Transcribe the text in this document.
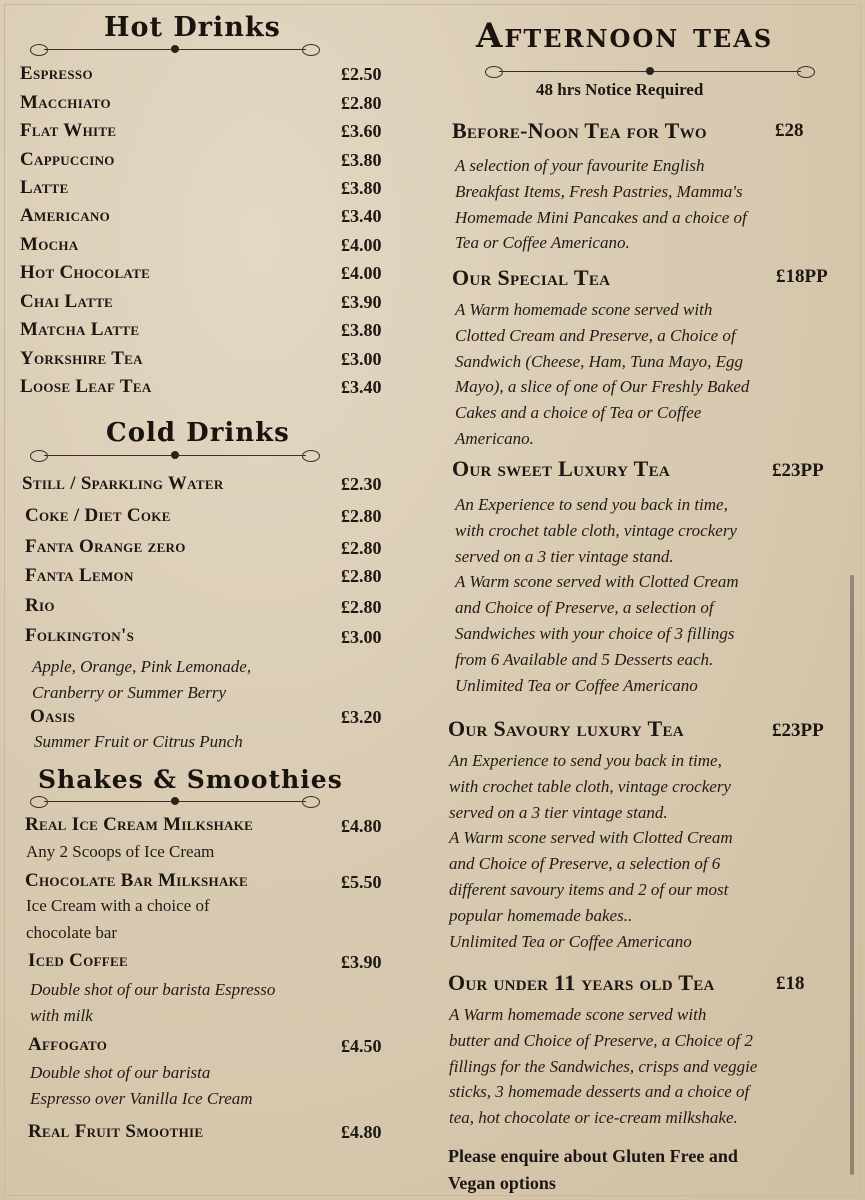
Hot Drinks
Espresso	£2.50
Macchiato	£2.80
Flat White	£3.60
Cappuccino	£3.80
Latte	£3.80
Americano	£3.40
Mocha	£4.00
Hot Chocolate	£4.00
Chai Latte	£3.90
Matcha Latte	£3.80
Yorkshire Tea	£3.00
Loose Leaf Tea	£3.40
Cold Drinks
Still / Sparkling Water	£2.30
Coke / Diet Coke	£2.80
Fanta Orange zero	£2.80
Fanta Lemon	£2.80
Rio	£2.80
Folkington's	£3.00
Apple, Orange, Pink Lemonade,
Cranberry or Summer Berry
Oasis	£3.20
Summer Fruit or Citrus Punch
Shakes & Smoothies
Real Ice Cream Milkshake	£4.80
Any 2 Scoops of Ice Cream
Chocolate Bar Milkshake	£5.50
Ice Cream with a choice of
chocolate bar
Iced Coffee	£3.90
Double shot of our barista Espresso
with milk
Affogato	£4.50
Double shot of our barista
Espresso over Vanilla Ice Cream
Real Fruit Smoothie	£4.80
Afternoon teas
48 hrs Notice Required
Before-Noon Tea for Two	£28
A selection of your favourite English
Breakfast Items, Fresh Pastries, Mamma's
Homemade Mini Pancakes and a choice of
Tea or Coffee Americano.
Our Special Tea	£18PP
A Warm homemade scone served with
Clotted Cream and Preserve, a Choice of
Sandwich (Cheese, Ham, Tuna Mayo, Egg
Mayo), a slice of one of Our Freshly Baked
Cakes and a choice of Tea or Coffee
Americano.
Our sweet Luxury Tea	£23PP
An Experience to send you back in time,
with crochet table cloth, vintage crockery
served on a 3 tier vintage stand.
A Warm scone served with Clotted Cream
and Choice of Preserve, a selection of
Sandwiches with your choice of 3 fillings
from 6 Available and 5 Desserts each.
Unlimited Tea or Coffee Americano
Our Savoury luxury Tea	£23PP
An Experience to send you back in time,
with crochet table cloth, vintage crockery
served on a 3 tier vintage stand.
A Warm scone served with Clotted Cream
and Choice of Preserve, a selection of 6
different savoury items and 2 of our most
popular homemade bakes..
Unlimited Tea or Coffee Americano
Our under 11 years old Tea	£18
A Warm homemade scone served with
butter and Choice of Preserve, a Choice of 2
fillings for the Sandwiches, crisps and veggie
sticks, 3 homemade desserts and a choice of
tea, hot chocolate or ice-cream milkshake.
Please enquire about Gluten Free and
Vegan options
